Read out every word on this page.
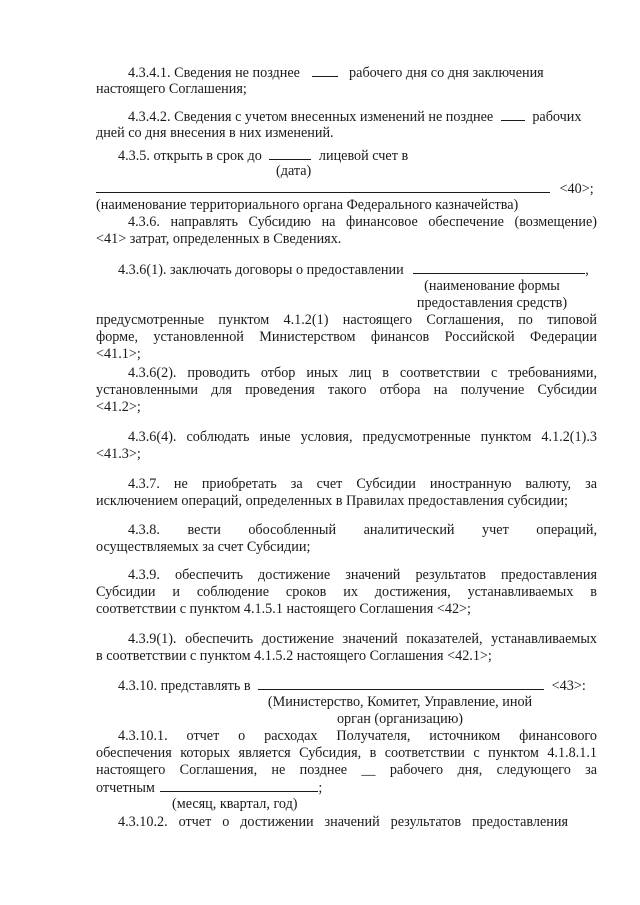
4.3.4.1. Сведения не позднее	рабочего дня со дня заключения
настоящего Соглашения;
4.3.4.2. Сведения с учетом внесенных изменений не позднее	рабочих
дней со дня внесения в них изменений.
4.3.5. открыть в срок до	лицевой счет в
(дата)
<40>;
(наименование территориального органа Федерального казначейства)
4.3.6. направлять Субсидию на финансовое обеспечение (возмещение)
<41> затрат, определенных в Сведениях.
4.3.6(1). заключать договоры о предоставлении	,
(наименование формы
предоставления средств)
предусмотренные пунктом 4.1.2(1) настоящего Соглашения, по типовой
форме, установленной Министерством финансов Российской Федерации
<41.1>;
4.3.6(2). проводить отбор иных лиц в соответствии с требованиями,
установленными для проведения такого отбора на получение Субсидии
<41.2>;
4.3.6(4). соблюдать иные условия, предусмотренные пунктом 4.1.2(1).3
<41.3>;
4.3.7. не приобретать за счет Субсидии иностранную валюту, за
исключением операций, определенных в Правилах предоставления субсидии;
4.3.8. вести обособленный аналитический учет операций,
осуществляемых за счет Субсидии;
4.3.9. обеспечить достижение значений результатов предоставления
Субсидии и соблюдение сроков их достижения, устанавливаемых в
соответствии с пунктом 4.1.5.1 настоящего Соглашения <42>;
4.3.9(1). обеспечить достижение значений показателей, устанавливаемых
в соответствии с пунктом 4.1.5.2 настоящего Соглашения <42.1>;
4.3.10. представлять в	<43>:
(Министерство, Комитет, Управление, иной
орган (организацию)
4.3.10.1. отчет о расходах Получателя, источником финансового
обеспечения которых является Субсидия, в соответствии с пунктом 4.1.8.1.1
настоящего Соглашения, не позднее __ рабочего дня, следующего за
отчетным	;
(месяц, квартал, год)
4.3.10.2. отчет о достижении значений результатов предоставления
